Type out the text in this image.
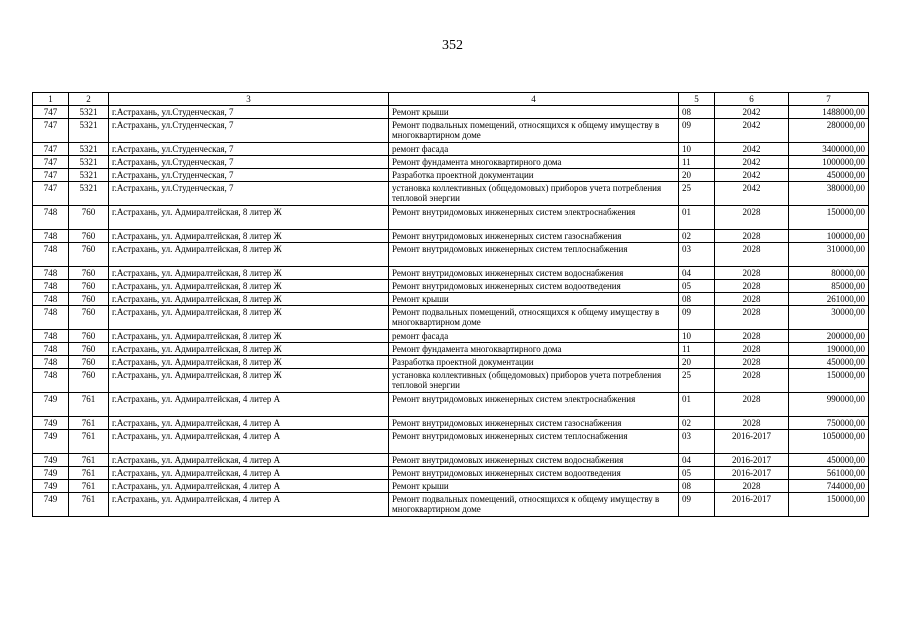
352
1	2	3	4	5	6	7
747	5321	г.Астрахань, ул.Студенческая, 7	Ремонт крыши	08	2042	1488000,00
747	5321	г.Астрахань, ул.Студенческая, 7	Ремонт подвальных помещений, относящихся к общему имуществу в многоквартирном доме	09	2042	280000,00
747	5321	г.Астрахань, ул.Студенческая, 7	ремонт фасада	10	2042	3400000,00
747	5321	г.Астрахань, ул.Студенческая, 7	Ремонт фундамента многоквартирного дома	11	2042	1000000,00
747	5321	г.Астрахань, ул.Студенческая, 7	Разработка проектной документации	20	2042	450000,00
747	5321	г.Астрахань, ул.Студенческая, 7	установка коллективных (общедомовых) приборов учета потребления тепловой энергии	25	2042	380000,00
748	760	г.Астрахань, ул. Адмиралтейская, 8 литер Ж	Ремонт внутридомовых инженерных систем электроснабжения	01	2028	150000,00
748	760	г.Астрахань, ул. Адмиралтейская, 8 литер Ж	Ремонт внутридомовых инженерных систем газоснабжения	02	2028	100000,00
748	760	г.Астрахань, ул. Адмиралтейская, 8 литер Ж	Ремонт внутридомовых инженерных систем теплоснабжения	03	2028	310000,00
748	760	г.Астрахань, ул. Адмиралтейская, 8 литер Ж	Ремонт внутридомовых инженерных систем водоснабжения	04	2028	80000,00
748	760	г.Астрахань, ул. Адмиралтейская, 8 литер Ж	Ремонт внутридомовых инженерных систем водоотведения	05	2028	85000,00
748	760	г.Астрахань, ул. Адмиралтейская, 8 литер Ж	Ремонт крыши	08	2028	261000,00
748	760	г.Астрахань, ул. Адмиралтейская, 8 литер Ж	Ремонт подвальных помещений, относящихся к общему имуществу в многоквартирном доме	09	2028	30000,00
748	760	г.Астрахань, ул. Адмиралтейская, 8 литер Ж	ремонт фасада	10	2028	200000,00
748	760	г.Астрахань, ул. Адмиралтейская, 8 литер Ж	Ремонт фундамента многоквартирного дома	11	2028	190000,00
748	760	г.Астрахань, ул. Адмиралтейская, 8 литер Ж	Разработка проектной документации	20	2028	450000,00
748	760	г.Астрахань, ул. Адмиралтейская, 8 литер Ж	установка коллективных (общедомовых) приборов учета потребления тепловой энергии	25	2028	150000,00
749	761	г.Астрахань, ул. Адмиралтейская, 4 литер А	Ремонт внутридомовых инженерных систем электроснабжения	01	2028	990000,00
749	761	г.Астрахань, ул. Адмиралтейская, 4 литер А	Ремонт внутридомовых инженерных систем газоснабжения	02	2028	750000,00
749	761	г.Астрахань, ул. Адмиралтейская, 4 литер А	Ремонт внутридомовых инженерных систем теплоснабжения	03	2016-2017	1050000,00
749	761	г.Астрахань, ул. Адмиралтейская, 4 литер А	Ремонт внутридомовых инженерных систем водоснабжения	04	2016-2017	450000,00
749	761	г.Астрахань, ул. Адмиралтейская, 4 литер А	Ремонт внутридомовых инженерных систем водоотведения	05	2016-2017	561000,00
749	761	г.Астрахань, ул. Адмиралтейская, 4 литер А	Ремонт крыши	08	2028	744000,00
749	761	г.Астрахань, ул. Адмиралтейская, 4 литер А	Ремонт подвальных помещений, относящихся к общему имуществу в многоквартирном доме	09	2016-2017	150000,00
